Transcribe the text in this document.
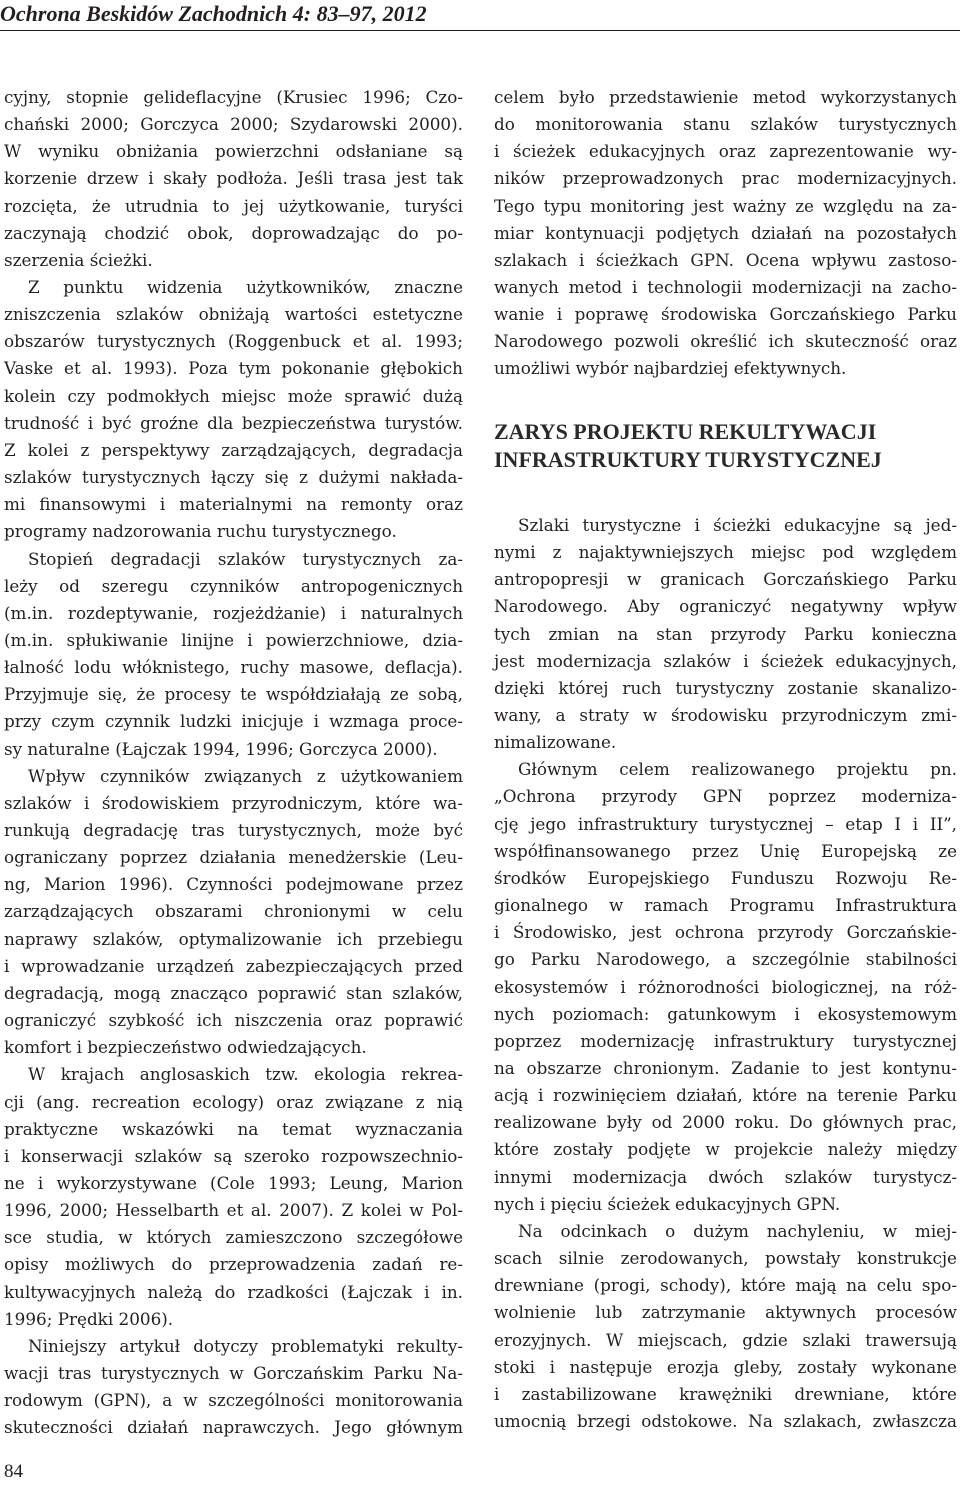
Ochrona Beskidów Zachodnich 4: 83–97, 2012
cyjny, stopnie gelideflacyjne (Krusiec 1996; Czo-
chański 2000; Gorczyca 2000; Szydarowski 2000).
W wyniku obniżania powierzchni odsłaniane są
korzenie drzew i skały podłoża. Jeśli trasa jest tak
rozcięta, że utrudnia to jej użytkowanie, turyści
zaczynają chodzić obok, doprowadzając do po-
szerzenia ścieżki.
Z punktu widzenia użytkowników, znaczne
zniszczenia szlaków obniżają wartości estetyczne
obszarów turystycznych (Roggenbuck et al. 1993;
Vaske et al. 1993). Poza tym pokonanie głębokich
kolein czy podmokłych miejsc może sprawić dużą
trudność i być groźne dla bezpieczeństwa turystów.
Z kolei z perspektywy zarządzających, degradacja
szlaków turystycznych łączy się z dużymi nakłada-
mi finansowymi i materialnymi na remonty oraz
programy nadzorowania ruchu turystycznego.
Stopień degradacji szlaków turystycznych za-
leży od szeregu czynników antropogenicznych
(m.in. rozdeptywanie, rozjeżdżanie) i naturalnych
(m.in. spłukiwanie linijne i powierzchniowe, dzia-
łalność lodu włóknistego, ruchy masowe, deflacja).
Przyjmuje się, że procesy te współdziałają ze sobą,
przy czym czynnik ludzki inicjuje i wzmaga proce-
sy naturalne (Łajczak 1994, 1996; Gorczyca 2000).
Wpływ czynników związanych z użytkowaniem
szlaków i środowiskiem przyrodniczym, które wa-
runkują degradację tras turystycznych, może być
ograniczany poprzez działania menedżerskie (Leu-
ng, Marion 1996). Czynności podejmowane przez
zarządzających obszarami chronionymi w celu
naprawy szlaków, optymalizowanie ich przebiegu
i wprowadzanie urządzeń zabezpieczających przed
degradacją, mogą znacząco poprawić stan szlaków,
ograniczyć szybkość ich niszczenia oraz poprawić
komfort i bezpieczeństwo odwiedzających.
W krajach anglosaskich tzw. ekologia rekrea-
cji (ang. recreation ecology) oraz związane z nią
praktyczne wskazówki na temat wyznaczania
i konserwacji szlaków są szeroko rozpowszechnio-
ne i wykorzystywane (Cole 1993; Leung, Marion
1996, 2000; Hesselbarth et al. 2007). Z kolei w Pol-
sce studia, w których zamieszczono szczegółowe
opisy możliwych do przeprowadzenia zadań re-
kultywacyjnych należą do rzadkości (Łajczak i in.
1996; Prędki 2006).
Niniejszy artykuł dotyczy problematyki rekulty-
wacji tras turystycznych w Gorczańskim Parku Na-
rodowym (GPN), a w szczególności monitorowania
skuteczności działań naprawczych. Jego głównym
celem było przedstawienie metod wykorzystanych
do monitorowania stanu szlaków turystycznych
i ścieżek edukacyjnych oraz zaprezentowanie wy-
ników przeprowadzonych prac modernizacyjnych.
Tego typu monitoring jest ważny ze względu na za-
miar kontynuacji podjętych działań na pozostałych
szlakach i ścieżkach GPN. Ocena wpływu zastoso-
wanych metod i technologii modernizacji na zacho-
wanie i poprawę środowiska Gorczańskiego Parku
Narodowego pozwoli określić ich skuteczność oraz
umożliwi wybór najbardziej efektywnych.
ZARYS PROJEKTU REKULTYWACJI
INFRASTRUKTURY TURYSTYCZNEJ
Szlaki turystyczne i ścieżki edukacyjne są jed-
nymi z najaktywniejszych miejsc pod względem
antropopresji w granicach Gorczańskiego Parku
Narodowego. Aby ograniczyć negatywny wpływ
tych zmian na stan przyrody Parku konieczna
jest modernizacja szlaków i ścieżek edukacyjnych,
dzięki której ruch turystyczny zostanie skanalizo-
wany, a straty w środowisku przyrodniczym zmi-
nimalizowane.
Głównym celem realizowanego projektu pn.
„Ochrona przyrody GPN poprzez moderniza-
cję jego infrastruktury turystycznej – etap I i II”,
współfinansowanego przez Unię Europejską ze
środków Europejskiego Funduszu Rozwoju Re-
gionalnego w ramach Programu Infrastruktura
i Środowisko, jest ochrona przyrody Gorczańskie-
go Parku Narodowego, a szczególnie stabilności
ekosystemów i różnorodności biologicznej, na róż-
nych poziomach: gatunkowym i ekosystemowym
poprzez modernizację infrastruktury turystycznej
na obszarze chronionym. Zadanie to jest kontynu-
acją i rozwinięciem działań, które na terenie Parku
realizowane były od 2000 roku. Do głównych prac,
które zostały podjęte w projekcie należy między
innymi modernizacja dwóch szlaków turystycz-
nych i pięciu ścieżek edukacyjnych GPN.
Na odcinkach o dużym nachyleniu, w miej-
scach silnie zerodowanych, powstały konstrukcje
drewniane (progi, schody), które mają na celu spo-
wolnienie lub zatrzymanie aktywnych procesów
erozyjnych. W miejscach, gdzie szlaki trawersują
stoki i następuje erozja gleby, zostały wykonane
i zastabilizowane krawężniki drewniane, które
umocnią brzegi odstokowe. Na szlakach, zwłaszcza
84
